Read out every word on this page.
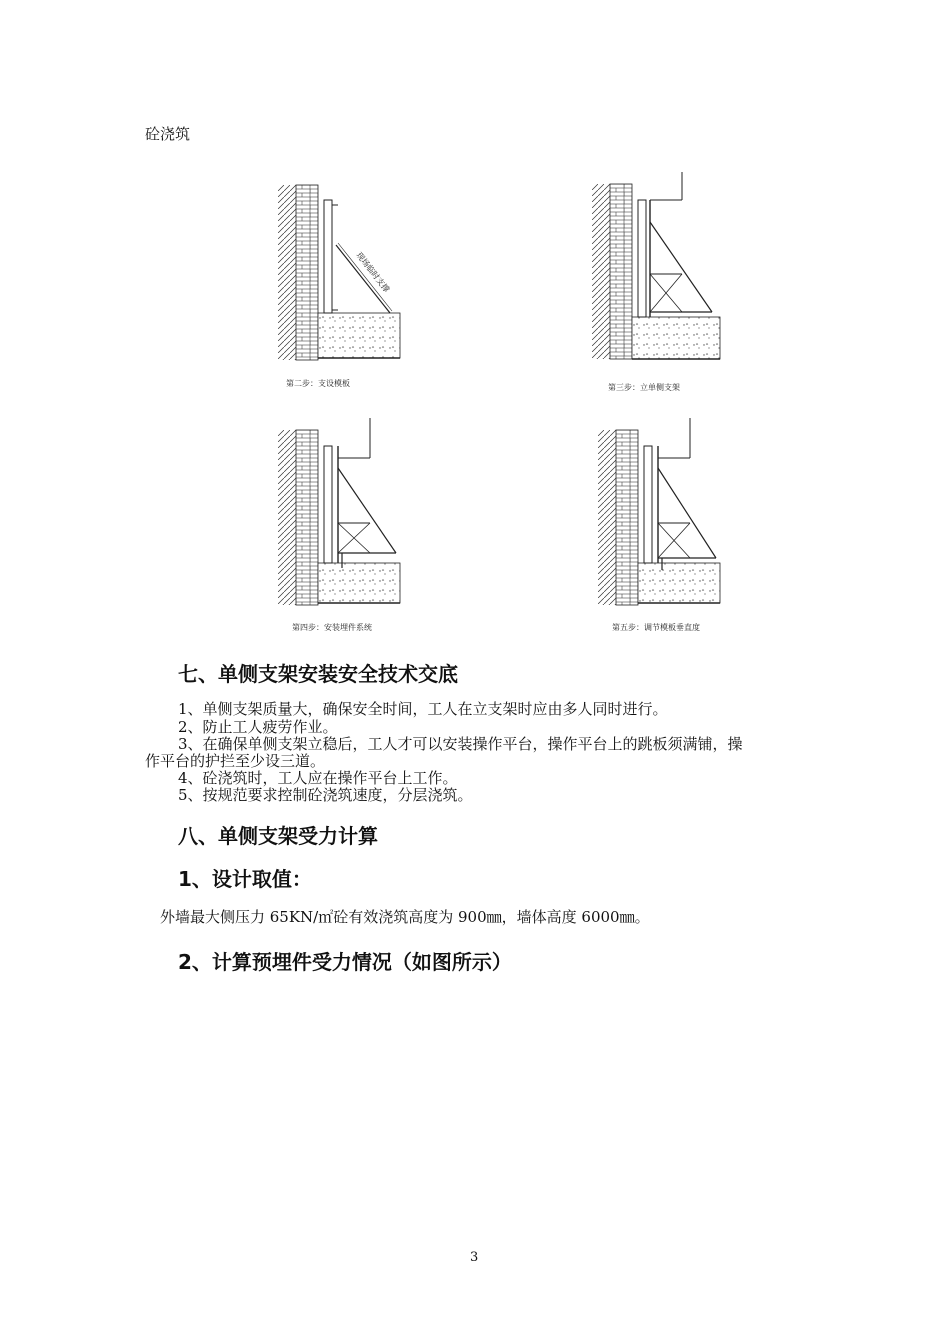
砼浇筑
现场临时支撑
第二步：支设模板	第三步：立单侧支架
第四步：安装埋件系统	第五步：调节模板垂直度
七、单侧支架安装安全技术交底
1、单侧支架质量大，确保安全时间，工人在立支架时应由多人同时进行。
2、防止工人疲劳作业。
3、在确保单侧支架立稳后，工人才可以安装操作平台，操作平台上的跳板须满铺，操
作平台的护拦至少设三道。
4、砼浇筑时，工人应在操作平台上工作。
5、按规范要求控制砼浇筑速度，分层浇筑。
八、单侧支架受力计算
1、设计取值：
外墙最大侧压力 65KN/㎡砼有效浇筑高度为 900㎜，墙体高度 6000㎜。
2、计算预埋件受力情况（如图所示）
3
